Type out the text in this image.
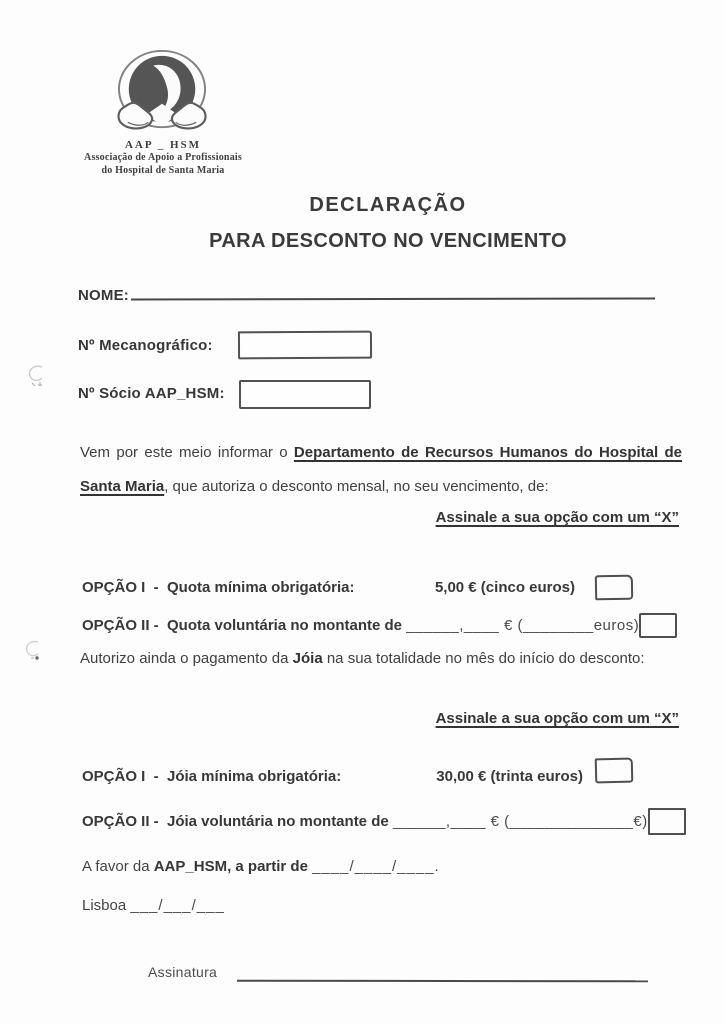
AAP _ HSM
Associação de Apoio a Profissionais
do Hospital de Santa Maria
DECLARAÇÃO
PARA DESCONTO NO VENCIMENTO
NOME:
Nº Mecanográfico:
Nº Sócio AAP_HSM:

Vem por este meio informar o Departamento de Recursos Humanos do Hospital de Santa Maria, que autoriza o desconto mensal, no seu vencimento, de:

Assinale a sua opção com um “X”
OPÇÃO I  -  Quota mínima obrigatória:	5,00 € (cinco euros)
OPÇÃO II -  Quota voluntária no montante de ______,____ € (________euros)

Autorizo ainda o pagamento da Jóia na sua totalidade no mês do início do desconto:

Assinale a sua opção com um “X”
OPÇÃO I  -  Jóia mínima obrigatória:	30,00 € (trinta euros)
OPÇÃO II -  Jóia voluntária no montante de ______,____ € (______________€)
A favor da AAP_HSM, a partir de ____/____/____.
Lisboa ___/___/___
Assinatura
